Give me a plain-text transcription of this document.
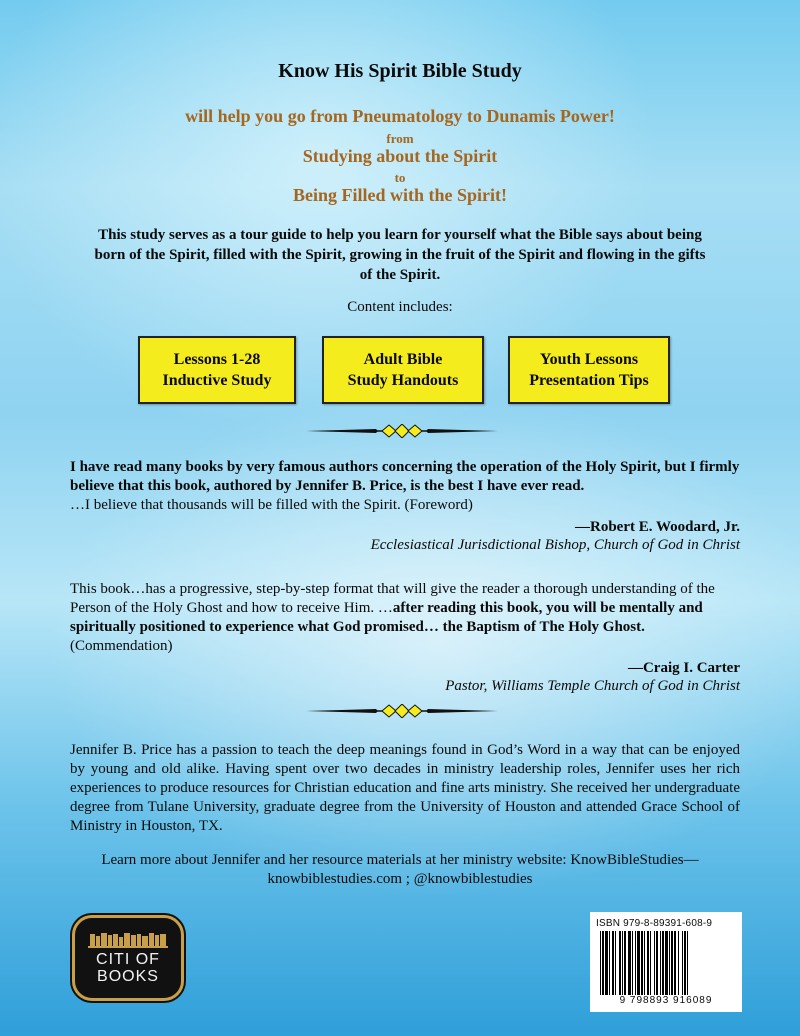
Know His Spirit Bible Study
will help you go from Pneumatology to Dunamis Power!
from
Studying about the Spirit
to
Being Filled with the Spirit!
This study serves as a tour guide to help you learn for yourself what the Bible says about being born of the Spirit, filled with the Spirit, growing in the fruit of the Spirit and flowing in the gifts of the Spirit.
Content includes:
Lessons 1-28
Inductive Study
Adult Bible
Study Handouts
Youth Lessons
Presentation Tips
I have read many books by very famous authors concerning the operation of the Holy Spirit, but I firmly believe that this book, authored by Jennifer B. Price, is the best I have ever read.
…I believe that thousands will be filled with the Spirit. (Foreword)
—Robert E. Woodard, Jr.
Ecclesiastical Jurisdictional Bishop, Church of God in Christ
This book…has a progressive, step-by-step format that will give the reader a thorough understanding of the Person of the Holy Ghost and how to receive Him. …after reading this book, you will be mentally and spiritually positioned to experience what God promised… the Baptism of The Holy Ghost. (Commendation)
—Craig I. Carter
Pastor, Williams Temple Church of God in Christ
Jennifer B. Price has a passion to teach the deep meanings found in God’s Word in a way that can be enjoyed by young and old alike. Having spent over two decades in ministry leadership roles, Jennifer uses her rich experiences to produce resources for Christian education and fine arts ministry. She received her undergraduate degree from Tulane University, graduate degree from the University of Houston and attended Grace School of Ministry in Houston, TX.
Learn more about Jennifer and her resource materials at her ministry website: KnowBibleStudies— knowbiblestudies.com ; @knowbiblestudies
CITI OF
BOOKS
ISBN 979-8-89391-608-9
9 798893 916089
